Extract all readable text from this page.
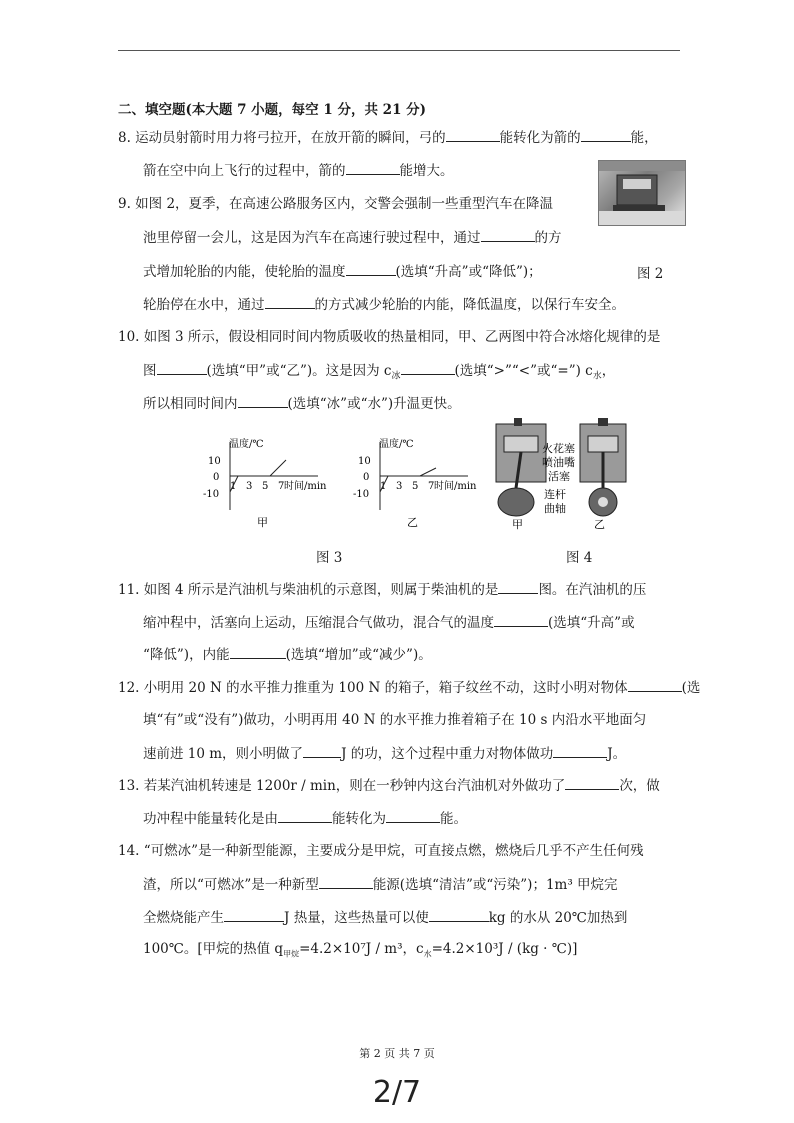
二、填空题(本大题 7 小题，每空 1 分，共 21 分)
8. 运动员射箭时用力将弓拉开，在放开箭的瞬间，弓的	能转化为箭的	能，
箭在空中向上飞行的过程中，箭的	能增大。
9. 如图 2，夏季，在高速公路服务区内，交警会强制一些重型汽车在降温
池里停留一会儿，这是因为汽车在高速行驶过程中，通过	的方
式增加轮胎的内能，使轮胎的温度	(选填“升高”或“降低”)；	图 2
轮胎停在水中，通过	的方式减少轮胎的内能，降低温度，以保行车安全。
10. 如图 3 所示，假设相同时间内物质吸收的热量相同，甲、乙两图中符合冰熔化规律的是
图	(选填“甲”或“乙”)。这是因为 $c_冰$	(选填“>”“<”或“=”) $c_水$，
所以相同时间内	(选填“冰”或“水”)升温更快。
温度/℃
时间/min
10
0
-10
1 3 5 7
甲
温度/℃
时间/min
10
0
-10
1 3 5 7
乙
图 3
火花塞
喷油嘴
活塞
连杆
曲轴
甲	乙
图 4
11. 如图 4 所示是汽油机与柴油机的示意图，则属于柴油机的是	图。在汽油机的压
缩冲程中，活塞向上运动，压缩混合气做功，混合气的温度	(选填“升高”或
“降低”)，内能	(选填“增加”或“减少”)。
12. 小明用 20 N 的水平推力推重为 100 N 的箱子，箱子纹丝不动，这时小明对物体	(选
填“有”或“没有”)做功，小明再用 40 N 的水平推力推着箱子在 10 s 内沿水平地面匀
速前进 10 m，则小明做了	J 的功，这个过程中重力对物体做功	J。
13. 若某汽油机转速是 1200r / min，则在一秒钟内这台汽油机对外做功了	次，做
功冲程中能量转化是由	能转化为	能。
14. “可燃冰”是一种新型能源，主要成分是甲烷，可直接点燃，燃烧后几乎不产生任何残
渣，所以“可燃冰”是一种新型	能源(选填“清洁”或“污染”)；1m³ 甲烷完
全燃烧能产生	J 热量，这些热量可以使	kg 的水从 20℃加热到
100℃。[甲烷的热值 $q_{甲烷}=4.2\times 10^7J / m^3$，$c_水=4.2\times 10^3J / (kg$ · ℃)]
第 2 页 共 7 页
2/7
